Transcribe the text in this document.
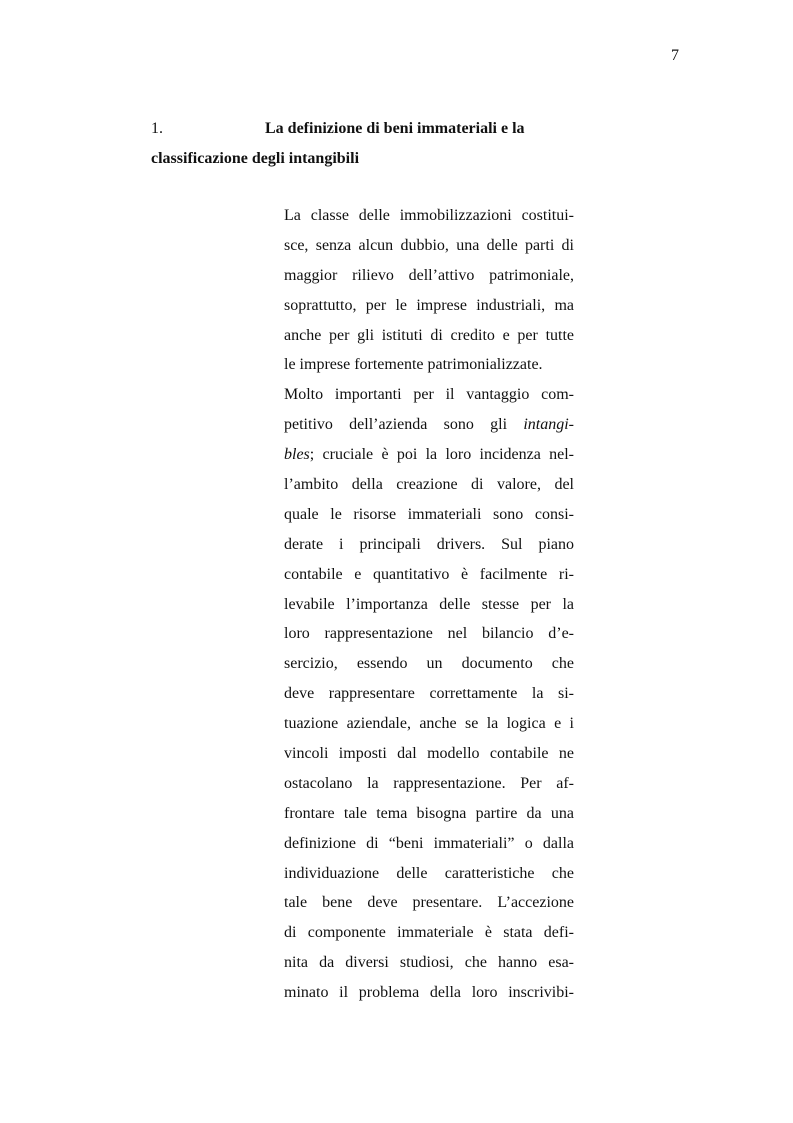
7
1.	La definizione di beni immateriali e la
classificazione degli intangibili
La classe delle immobilizzazioni costitui-
sce, senza alcun dubbio, una delle parti di
maggior rilievo dell’attivo patrimoniale,
soprattutto, per le imprese industriali, ma
anche per gli istituti di credito e per tutte
le imprese fortemente patrimonializzate.
Molto importanti per il vantaggio com-
petitivo dell’azienda sono gli intangi-
bles; cruciale è poi la loro incidenza nel-
l’ambito della creazione di valore, del
quale le risorse immateriali sono consi-
derate i principali drivers. Sul piano
contabile e quantitativo è facilmente ri-
levabile l’importanza delle stesse per la
loro rappresentazione nel bilancio d’e-
sercizio, essendo un documento che
deve rappresentare correttamente la si-
tuazione aziendale, anche se la logica e i
vincoli imposti dal modello contabile ne
ostacolano la rappresentazione. Per af-
frontare tale tema bisogna partire da una
definizione di “beni immateriali” o dalla
individuazione delle caratteristiche che
tale bene deve presentare. L’accezione
di componente immateriale è stata defi-
nita da diversi studiosi, che hanno esa-
minato il problema della loro inscrivibi-
